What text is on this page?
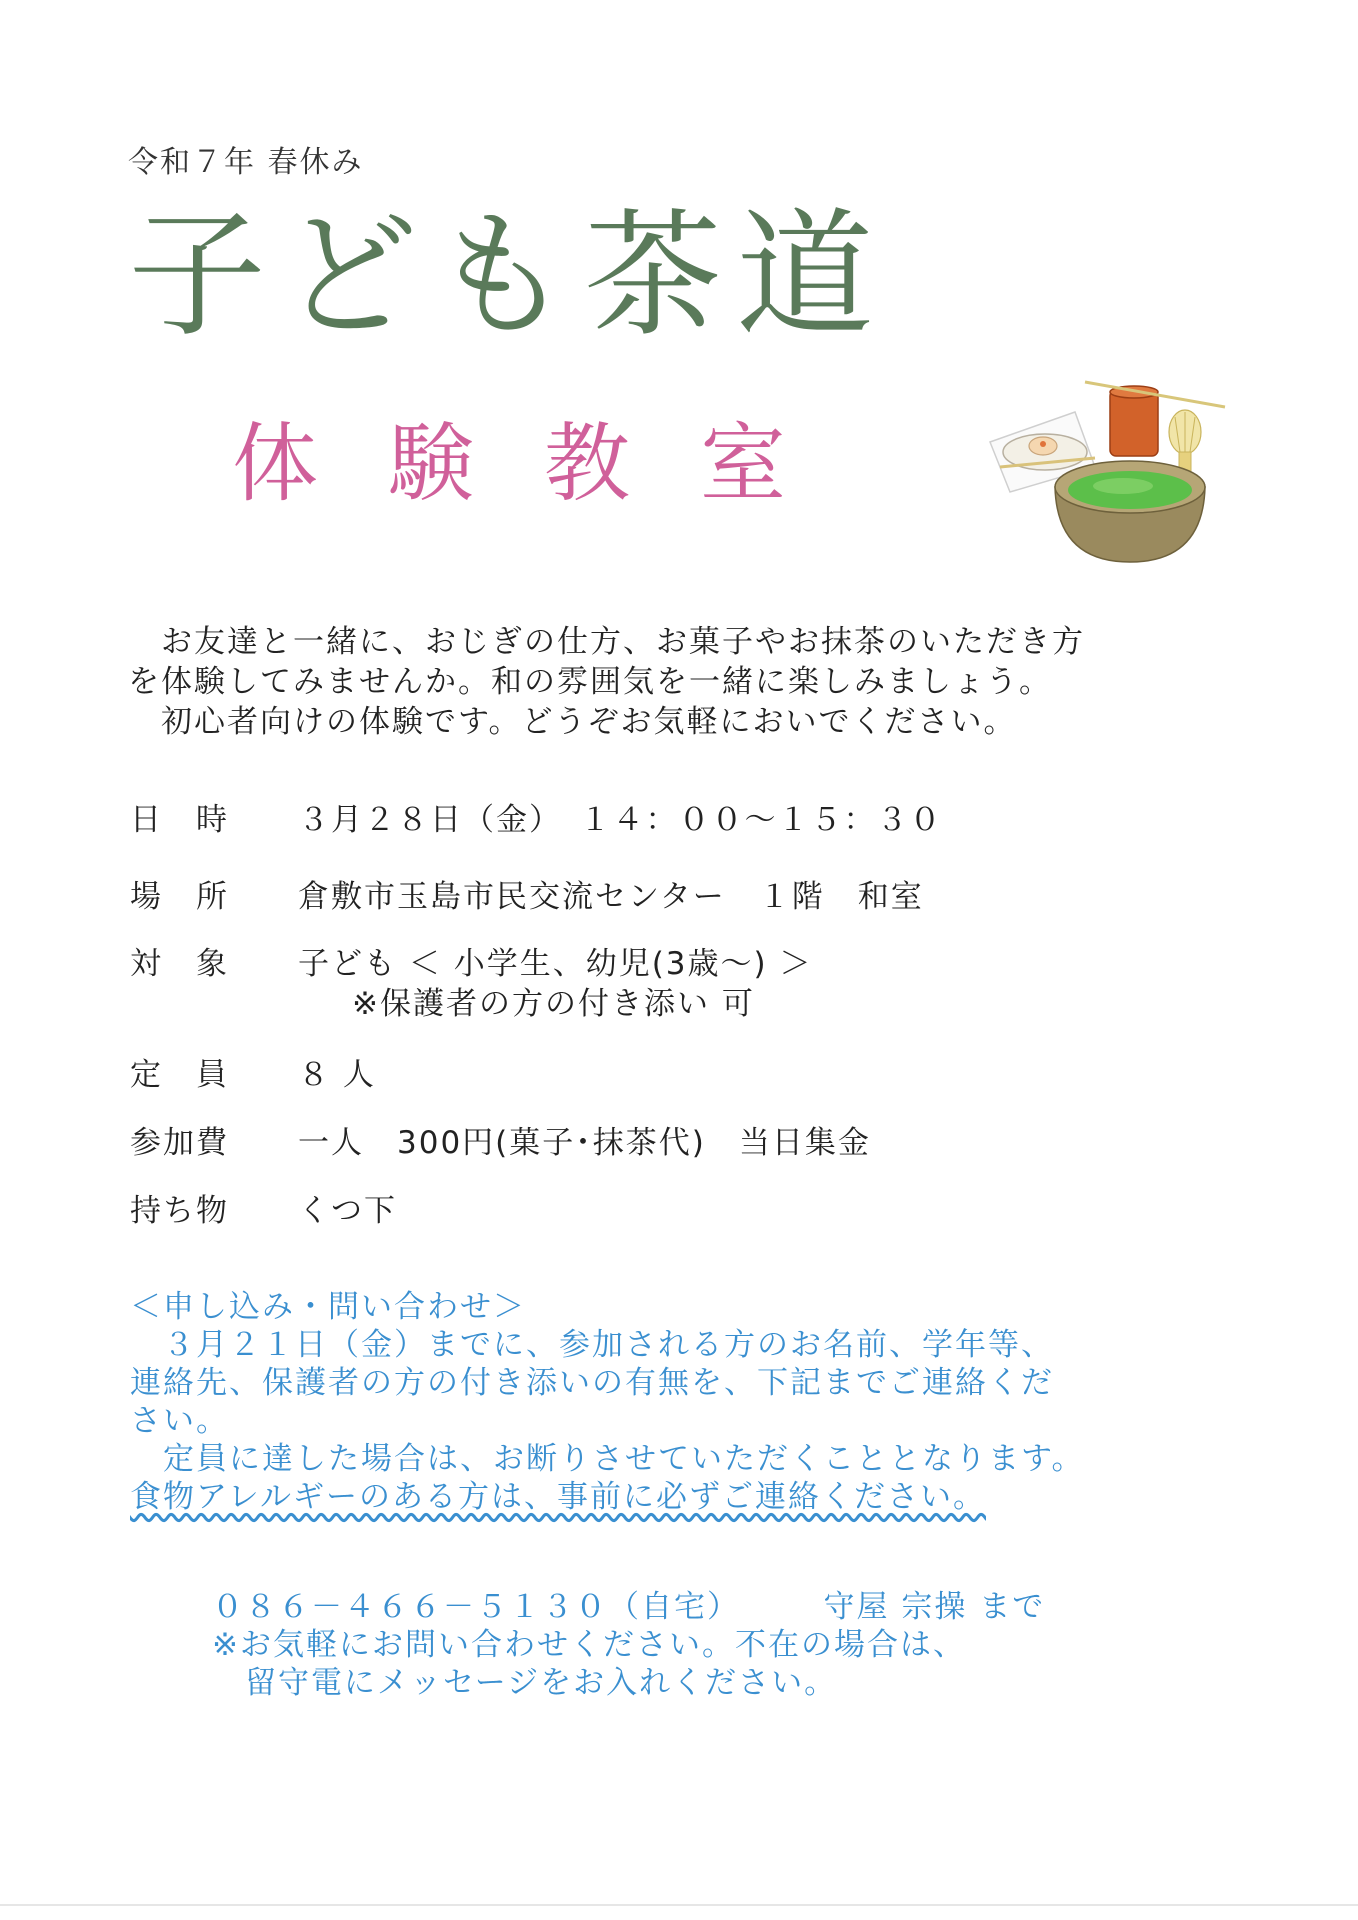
令和７年 春休み
子ども茶道
体験教室

　お友達と一緒に、おじぎの仕方、お菓子やお抹茶のいただき方

を体験してみませんか。和の雰囲気を一緒に楽しみましょう。

　初心者向けの体験です。どうぞお気軽においでください。

日　時	３月２８日（金）　１４：００～１５：３０
場　所	倉敷市玉島市民交流センター　１階　和室
対　象	子ども ＜ 小学生、幼児(3歳～) ＞
※保護者の方の付き添い 可
定　員	８ 人
参加費	一人　300円(菓子･抹茶代)　当日集金
持ち物	くつ下

＜申し込み・問い合わせ＞

　３月２１日（金）までに、参加される方のお名前、学年等、

連絡先、保護者の方の付き添いの有無を、下記までご連絡くだ

さい。

　定員に達した場合は、お断りさせていただくこととなります。

食物アレルギーのある方は、事前に必ずご連絡ください。

０８６－４６６－５１３０（自宅）　　　守屋 宗操 まで

※お気軽にお問い合わせください。不在の場合は、

　留守電にメッセージをお入れください。
